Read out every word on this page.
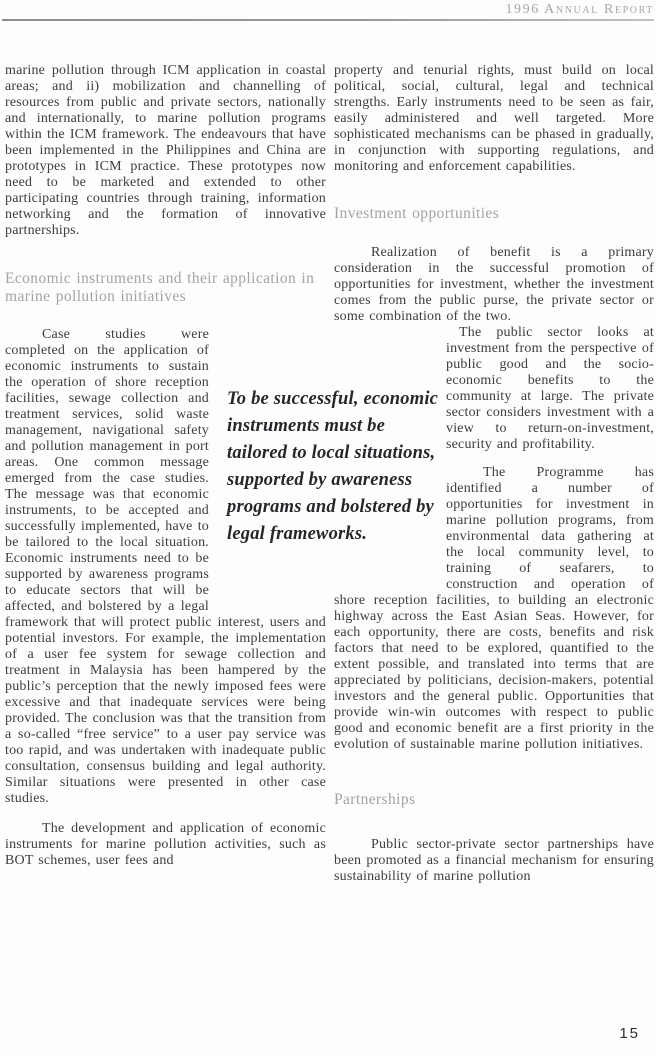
1996 Annual Report

marine pollution through ICM application in coastal areas; and ii) mobilization and channelling of resources from public and private sectors, nationally and internationally, to marine pollution programs within the ICM framework. The endeavours that have been implemented in the Philippines and China are prototypes in ICM practice. These prototypes now need to be marketed and extended to other participating countries through training, information networking and the formation of innovative partnerships.

Economic instruments and their application in marine pollution initiatives

Case studies were completed on the application of economic instruments to sustain the operation of shore reception facilities, sewage collection and treatment services, solid waste management, navigational safety and pollution management in port areas. One common message emerged from the case studies. The message was that economic instruments, to be accepted and successfully implemented, have to be tailored to the local situation. Economic instruments need to be supported by awareness programs to educate sectors that will be affected, and bolstered by a legal framework that will protect public interest, users and potential investors. For example, the implementation of a user fee system for sewage collection and treatment in Malaysia has been hampered by the public’s perception that the newly imposed fees were excessive and that inadequate services were being provided. The conclusion was that the transition from a so-called “free service” to a user pay service was too rapid, and was undertaken with inadequate public consultation, consensus building and legal authority. Similar situations were presented in other case studies.

The development and application of economic instruments for marine pollution activities, such as BOT schemes, user fees and

To be successful, economic instruments must be tailored to local situations, supported by awareness programs and bolstered by legal frameworks.

property and tenurial rights, must build on local political, social, cultural, legal and technical strengths. Early instruments need to be seen as fair, easily administered and well targeted. More sophisticated mechanisms can be phased in gradually, in conjunction with supporting regulations, and monitoring and enforcement capabilities.

Investment opportunities

Realization of benefit is a primary consideration in the successful promotion of opportunities for investment, whether the investment comes from the public purse, the private sector or some combination of the two.

The public sector looks at investment from the perspective of public good and the socio-economic benefits to the community at large. The private sector considers investment with a view to return-on-investment, security and profitability.

The Programme has identified a number of opportunities for investment in marine pollution programs, from environmental data gathering at the local community level, to training of seafarers, to construction and operation of shore reception facilities, to building an electronic highway across the East Asian Seas. However, for each opportunity, there are costs, benefits and risk factors that need to be explored, quantified to the extent possible, and translated into terms that are appreciated by politicians, decision-makers, potential investors and the general public. Opportunities that provide win-win outcomes with respect to public good and economic benefit are a first priority in the evolution of sustainable marine pollution initiatives.

Partnerships

Public sector-private sector partnerships have been promoted as a financial mechanism for ensuring sustainability of marine pollution

15
